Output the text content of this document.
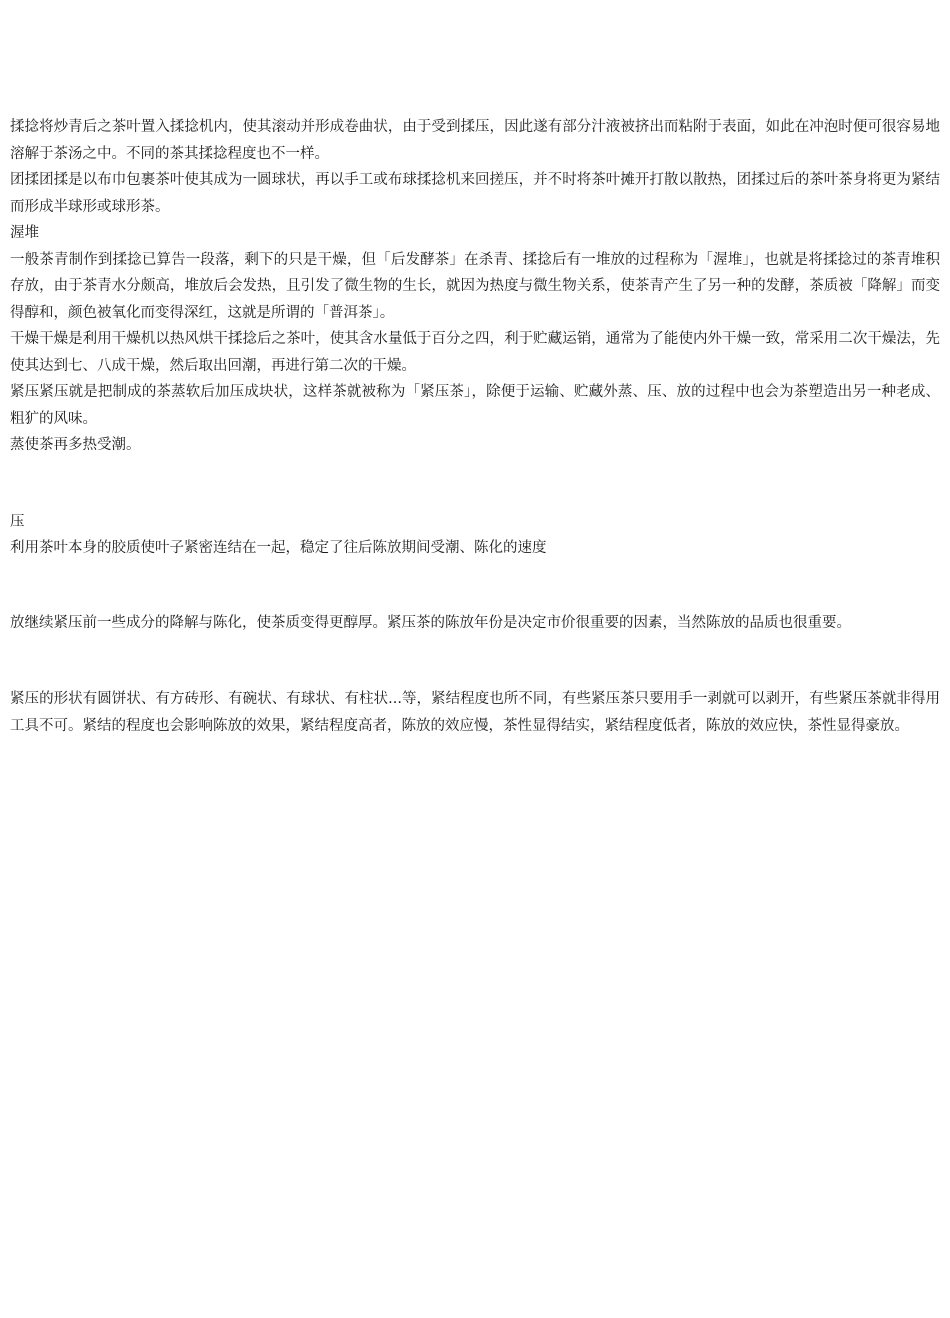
揉捻将炒青后之茶叶置入揉捻机内，使其滚动并形成卷曲状，由于受到揉压，因此遂有部分汁液被挤出而粘附于表面，如此在冲泡时便可很容易地溶解于茶汤之中。不同的茶其揉捻程度也不一样。

团揉团揉是以布巾包裹茶叶使其成为一圆球状，再以手工或布球揉捻机来回搓压，并不时将茶叶摊开打散以散热，团揉过后的茶叶茶身将更为紧结而形成半球形或球形茶。

渥堆

一般茶青制作到揉捻已算告一段落，剩下的只是干燥，但「后发酵茶」在杀青、揉捻后有一堆放的过程称为「渥堆」，也就是将揉捻过的茶青堆积存放，由于茶青水分颇高，堆放后会发热，且引发了微生物的生长，就因为热度与微生物关系，使茶青产生了另一种的发酵，茶质被「降解」而变得醇和，颜色被氧化而变得深红，这就是所谓的「普洱茶」。

干燥干燥是利用干燥机以热风烘干揉捻后之茶叶，使其含水量低于百分之四，利于贮藏运销，通常为了能使内外干燥一致，常采用二次干燥法，先使其达到七、八成干燥，然后取出回潮，再进行第二次的干燥。

紧压紧压就是把制成的茶蒸软后加压成块状，这样茶就被称为「紧压茶」，除便于运输、贮藏外蒸、压、放的过程中也会为茶塑造出另一种老成、粗犷的风味。

蒸使茶再多热受潮。

压

利用茶叶本身的胶质使叶子紧密连结在一起，稳定了往后陈放期间受潮、陈化的速度

放继续紧压前一些成分的降解与陈化，使茶质变得更醇厚。紧压茶的陈放年份是决定市价很重要的因素，当然陈放的品质也很重要。

紧压的形状有圆饼状、有方砖形、有碗状、有球状、有柱状...等，紧结程度也所不同，有些紧压茶只要用手一剥就可以剥开，有些紧压茶就非得用工具不可。紧结的程度也会影响陈放的效果，紧结程度高者，陈放的效应慢，茶性显得结实，紧结程度低者，陈放的效应快，茶性显得豪放。
